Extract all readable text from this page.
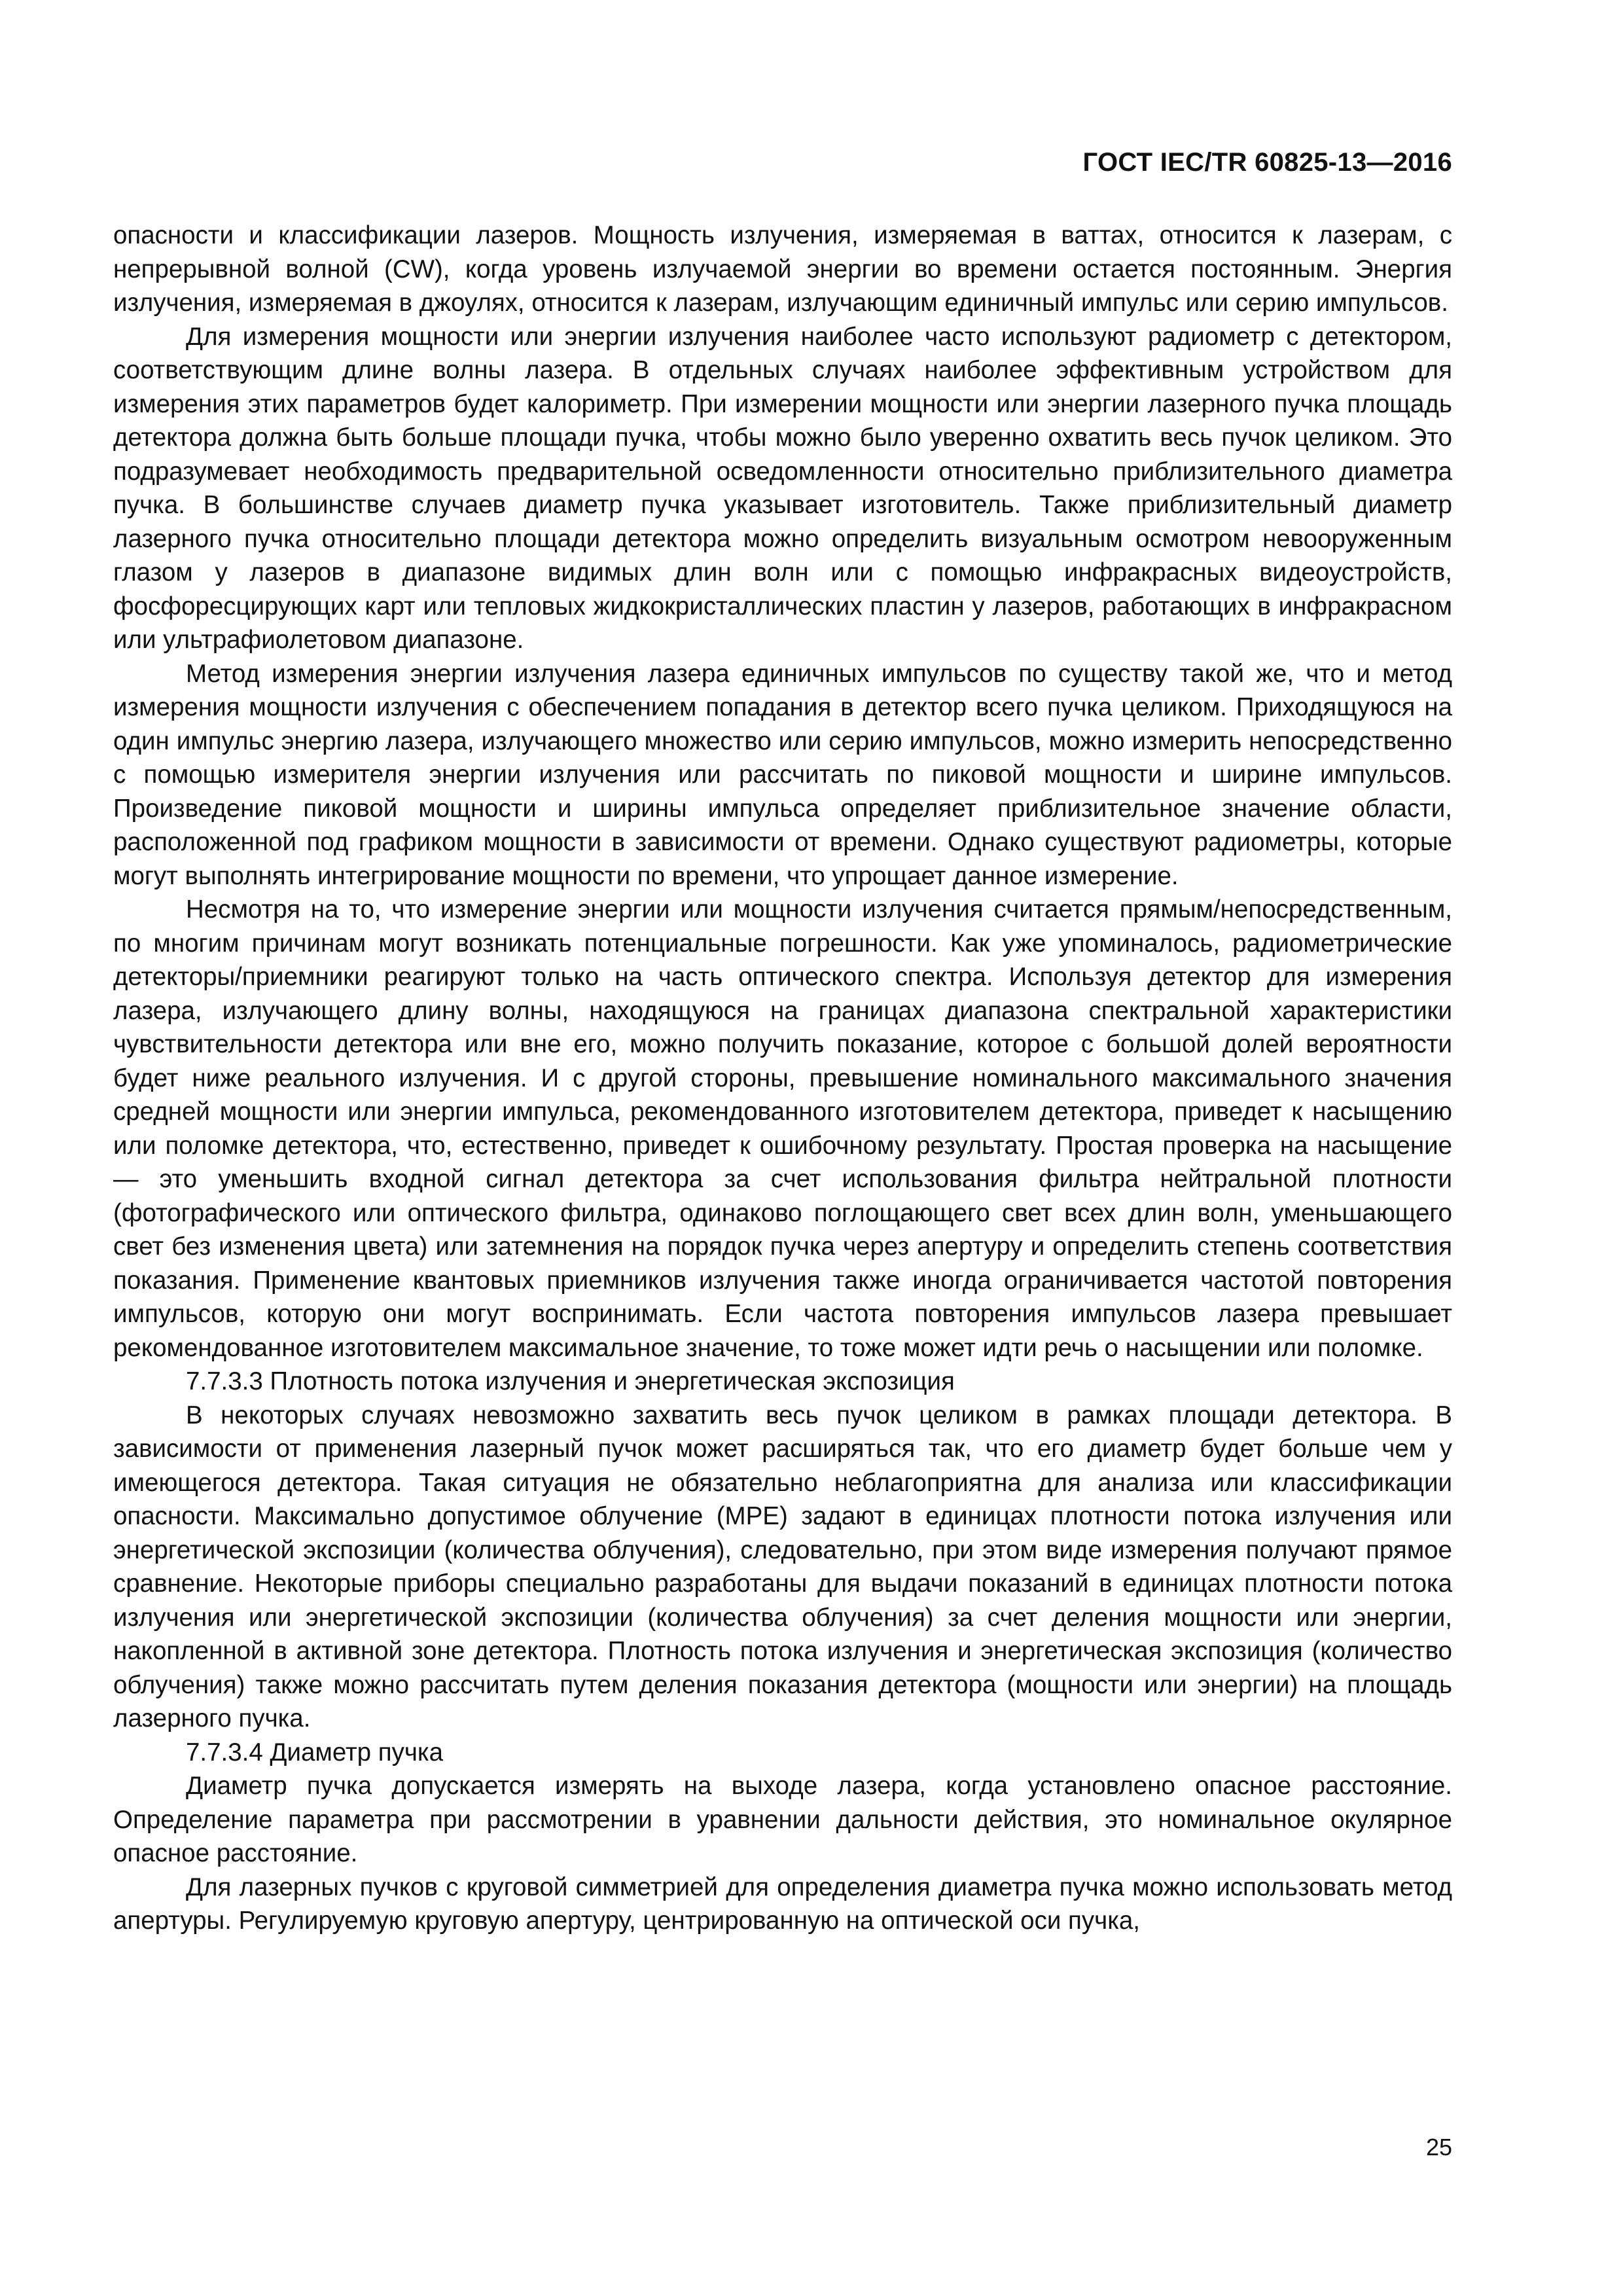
ГОСТ IEC/TR 60825-13—2016

опасности и классификации лазеров. Мощность излучения, измеряемая в ваттах, относится к лазерам, с непрерывной волной (CW), когда уровень излучаемой энергии во времени остается постоянным. Энергия излучения, измеряемая в джоулях, относится к лазерам, излучающим единичный импульс или серию импульсов.

Для измерения мощности или энергии излучения наиболее часто используют радиометр с детектором, соответствующим длине волны лазера. В отдельных случаях наиболее эффективным устройством для измерения этих параметров будет калориметр. При измерении мощности или энергии лазерного пучка площадь детектора должна быть больше площади пучка, чтобы можно было уверенно охватить весь пучок целиком. Это подразумевает необходимость предварительной осведомленности относительно приблизительного диаметра пучка. В большинстве случаев диаметр пучка указывает изготовитель. Также приблизительный диаметр лазерного пучка относительно площади детектора можно определить визуальным осмотром невооруженным глазом у лазеров в диапазоне видимых длин волн или с помощью инфракрасных видеоустройств, фосфоресцирующих карт или тепловых жидкокристаллических пластин у лазеров, работающих в инфракрасном или ультрафиолетовом диапазоне.

Метод измерения энергии излучения лазера единичных импульсов по существу такой же, что и метод измерения мощности излучения с обеспечением попадания в детектор всего пучка целиком. Приходящуюся на один импульс энергию лазера, излучающего множество или серию импульсов, можно измерить непосредственно с помощью измерителя энергии излучения или рассчитать по пиковой мощности и ширине импульсов. Произведение пиковой мощности и ширины импульса определяет приблизительное значение области, расположенной под графиком мощности в зависимости от времени. Однако существуют радиометры, которые могут выполнять интегрирование мощности по времени, что упрощает данное измерение.

Несмотря на то, что измерение энергии или мощности излучения считается прямым/непосредственным, по многим причинам могут возникать потенциальные погрешности. Как уже упоминалось, радиометрические детекторы/приемники реагируют только на часть оптического спектра. Используя детектор для измерения лазера, излучающего длину волны, находящуюся на границах диапазона спектральной характеристики чувствительности детектора или вне его, можно получить показание, которое с большой долей вероятности будет ниже реального излучения. И с другой стороны, превышение номинального максимального значения средней мощности или энергии импульса, рекомендованного изготовителем детектора, приведет к насыщению или поломке детектора, что, естественно, приведет к ошибочному результату. Простая проверка на насыщение — это уменьшить входной сигнал детектора за счет использования фильтра нейтральной плотности (фотографического или оптического фильтра, одинаково поглощающего свет всех длин волн, уменьшающего свет без изменения цвета) или затемнения на порядок пучка через апертуру и определить степень соответствия показания. Применение квантовых приемников излучения также иногда ограничивается частотой повторения импульсов, которую они могут воспринимать. Если частота повторения импульсов лазера превышает рекомендованное изготовителем максимальное значение, то тоже может идти речь о насыщении или поломке.

7.7.3.3 Плотность потока излучения и энергетическая экспозиция

В некоторых случаях невозможно захватить весь пучок целиком в рамках площади детектора. В зависимости от применения лазерный пучок может расширяться так, что его диаметр будет больше чем у имеющегося детектора. Такая ситуация не обязательно неблагоприятна для анализа или классификации опасности. Максимально допустимое облучение (MPE) задают в единицах плотности потока излучения или энергетической экспозиции (количества облучения), следовательно, при этом виде измерения получают прямое сравнение. Некоторые приборы специально разработаны для выдачи показаний в единицах плотности потока излучения или энергетической экспозиции (количества облучения) за счет деления мощности или энергии, накопленной в активной зоне детектора. Плотность потока излучения и энергетическая экспозиция (количество облучения) также можно рассчитать путем деления показания детектора (мощности или энергии) на площадь лазерного пучка.

7.7.3.4 Диаметр пучка

Диаметр пучка допускается измерять на выходе лазера, когда установлено опасное расстояние. Определение параметра при рассмотрении в уравнении дальности действия, это номинальное окулярное опасное расстояние.

Для лазерных пучков с круговой симметрией для определения диаметра пучка можно использовать метод апертуры. Регулируемую круговую апертуру, центрированную на оптической оси пучка,

25
